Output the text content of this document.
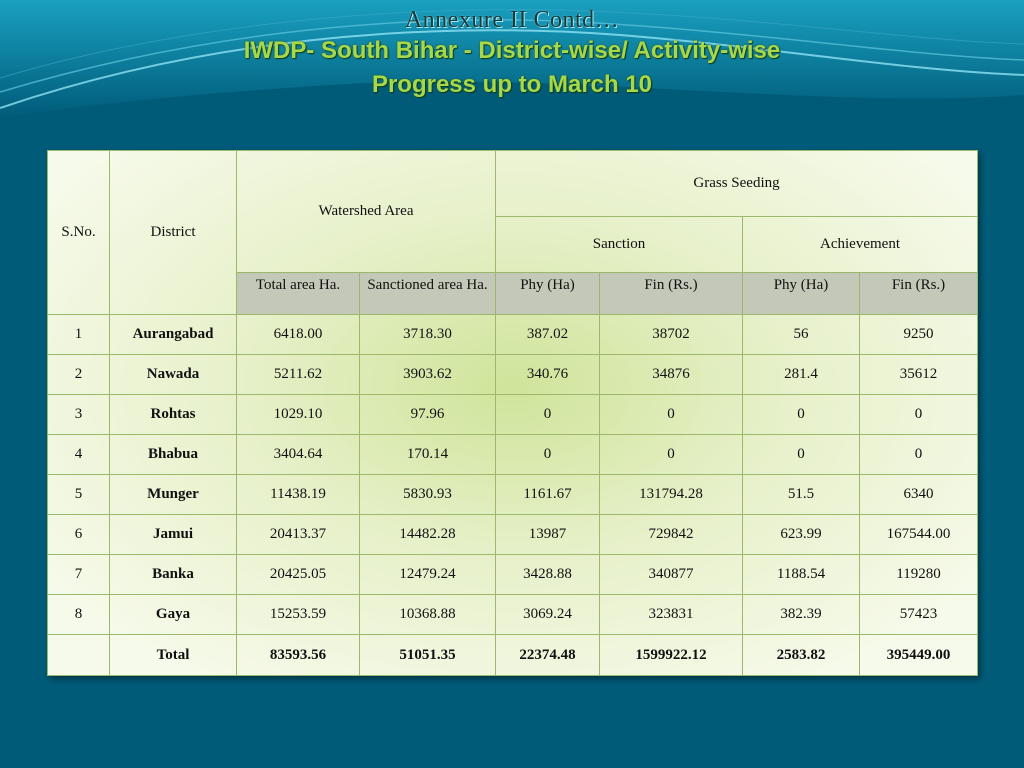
Annexure II Contd…
IWDP- South Bihar - District-wise/ Activity-wise
Progress up to March 10
S.No.	District	Watershed Area		Grass Seeding			
				Sanction		Achievement	
		Total area Ha.	Sanctioned area Ha.	Phy (Ha)	Fin (Rs.)	Phy (Ha)	Fin (Rs.)
1	Aurangabad	6418.00	3718.30	387.02	38702	56	9250
2	Nawada	5211.62	3903.62	340.76	34876	281.4	35612
3	Rohtas	1029.10	97.96	0	0	0	0
4	Bhabua	3404.64	170.14	0	0	0	0
5	Munger	11438.19	5830.93	1161.67	131794.28	51.5	6340
6	Jamui	20413.37	14482.28	13987	729842	623.99	167544.00
7	Banka	20425.05	12479.24	3428.88	340877	1188.54	119280
8	Gaya	15253.59	10368.88	3069.24	323831	382.39	57423
	Total	83593.56	51051.35	22374.48	1599922.12	2583.82	395449.00
